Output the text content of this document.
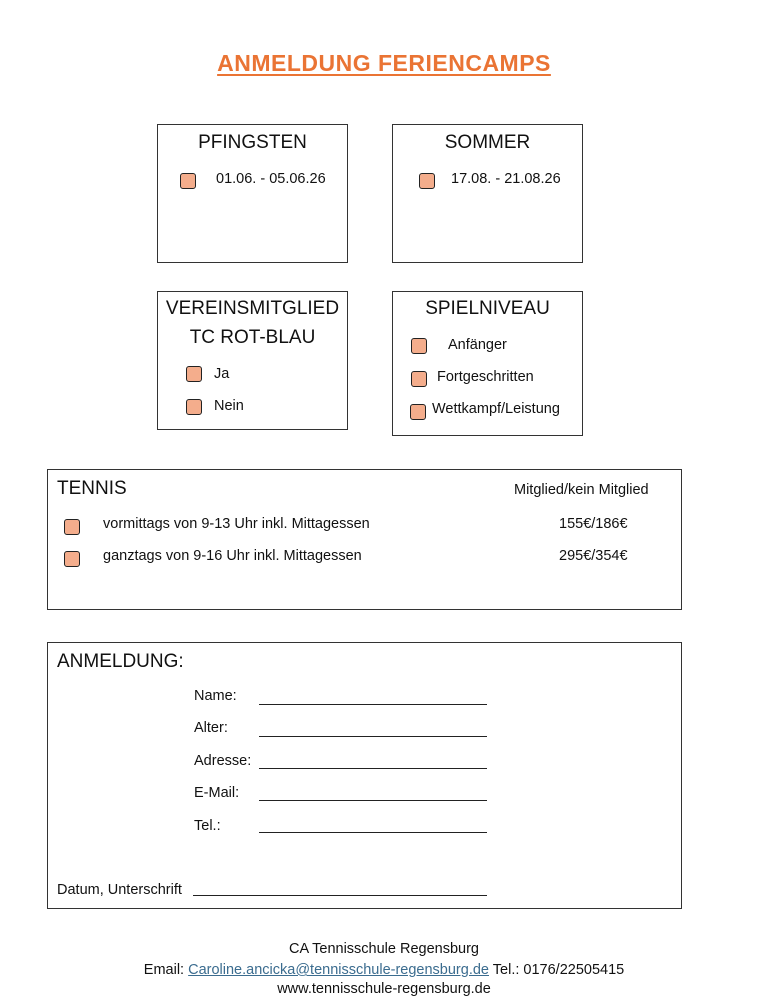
ANMELDUNG FERIENCAMPS
PFINGSTEN
01.06. - 05.06.26
SOMMER
17.08. - 21.08.26
VEREINSMITGLIED
TC ROT-BLAU
Ja
Nein
SPIELNIVEAU
Anfänger
Fortgeschritten
Wettkampf/Leistung
TENNIS	Mitglied/kein Mitglied
vormittags von 9-13 Uhr inkl. Mittagessen	155€/186€
ganztags von 9-16 Uhr inkl. Mittagessen	295€/354€
ANMELDUNG:
Name:
Alter:
Adresse:
E-Mail:
Tel.:
Datum, Unterschrift
CA Tennisschule Regensburg
Email: Caroline.ancicka@tennisschule-regensburg.de Tel.: 0176/22505415
www.tennisschule-regensburg.de
